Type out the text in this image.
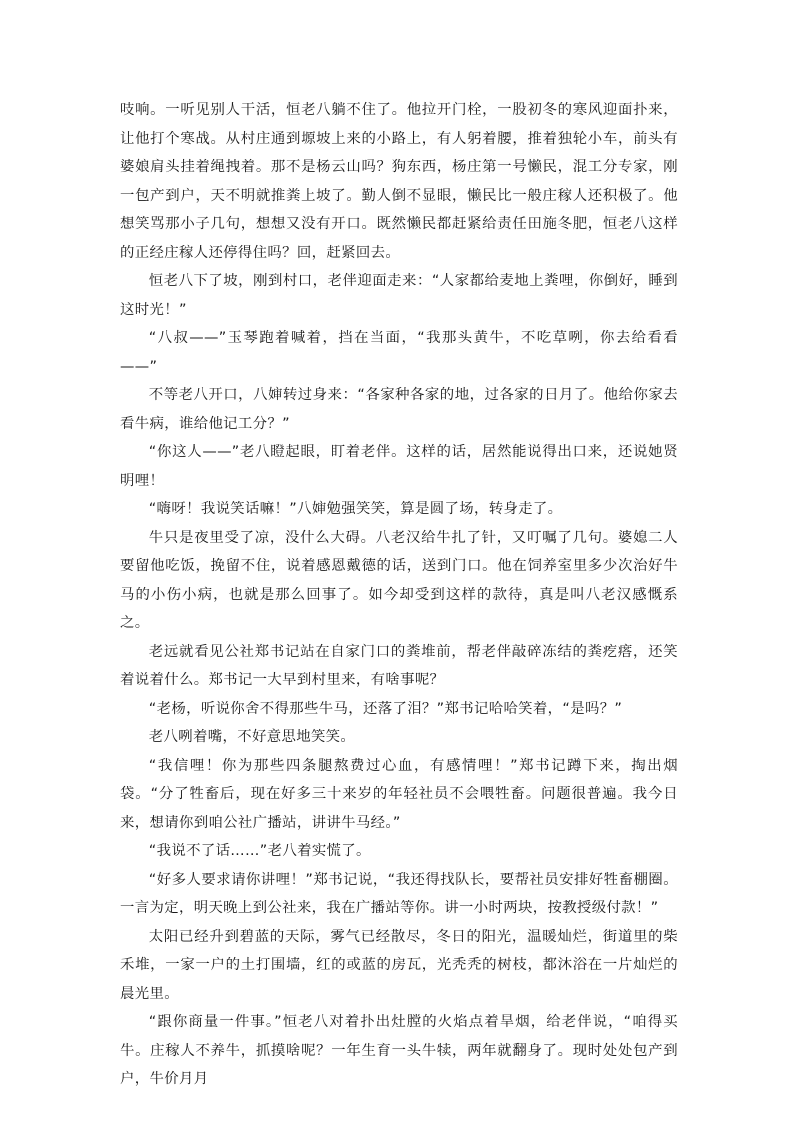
吱响。一听见别人干活，恒老八躺不住了。他拉开门栓，一股初冬的寒风迎面扑来，让他打个寒战。从村庄通到塬坡上来的小路上，有人躬着腰，推着独轮小车，前头有婆娘肩头挂着绳拽着。那不是杨云山吗？狗东西，杨庄第一号懒民，混工分专家，刚一包产到户，天不明就推粪上坡了。勤人倒不显眼，懒民比一般庄稼人还积极了。他想笑骂那小子几句，想想又没有开口。既然懒民都赶紧给责任田施冬肥，恒老八这样的正经庄稼人还停得住吗？回，赶紧回去。

恒老八下了坡，刚到村口，老伴迎面走来：“人家都给麦地上粪哩，你倒好，睡到这时光！”

“八叔——”玉琴跑着喊着，挡在当面，“我那头黄牛，不吃草咧，你去给看看——”

不等老八开口，八婶转过身来：“各家种各家的地，过各家的日月了。他给你家去看牛病，谁给他记工分？”

“你这人——”老八瞪起眼，盯着老伴。这样的话，居然能说得出口来，还说她贤明哩！

“嗨呀！我说笑话嘛！”八婶勉强笑笑，算是圆了场，转身走了。

牛只是夜里受了凉，没什么大碍。八老汉给牛扎了针，又叮嘱了几句。婆媳二人要留他吃饭，挽留不住，说着感恩戴德的话，送到门口。他在饲养室里多少次治好牛马的小伤小病，也就是那么回事了。如今却受到这样的款待，真是叫八老汉感慨系之。

老远就看见公社郑书记站在自家门口的粪堆前，帮老伴敲碎冻结的粪疙瘩，还笑着说着什么。郑书记一大早到村里来，有啥事呢？

“老杨，听说你舍不得那些牛马，还落了泪？”郑书记哈哈笑着，“是吗？”

老八咧着嘴，不好意思地笑笑。

“我信哩！你为那些四条腿熬费过心血，有感情哩！”郑书记蹲下来，掏出烟袋。“分了牲畜后，现在好多三十来岁的年轻社员不会喂牲畜。问题很普遍。我今日来，想请你到咱公社广播站，讲讲牛马经。”

“我说不了话……”老八着实慌了。

“好多人要求请你讲哩！”郑书记说，“我还得找队长，要帮社员安排好牲畜棚圈。一言为定，明天晚上到公社来，我在广播站等你。讲一小时两块，按教授级付款！”

太阳已经升到碧蓝的天际，雾气已经散尽，冬日的阳光，温暖灿烂，街道里的柴禾堆，一家一户的土打围墙，红的或蓝的房瓦，光秃秃的树枝，都沐浴在一片灿烂的晨光里。

“跟你商量一件事。”恒老八对着扑出灶膛的火焰点着旱烟，给老伴说，“咱得买牛。庄稼人不养牛，抓摸啥呢？一年生育一头牛犊，两年就翻身了。现时处处包产到户，牛价月月
